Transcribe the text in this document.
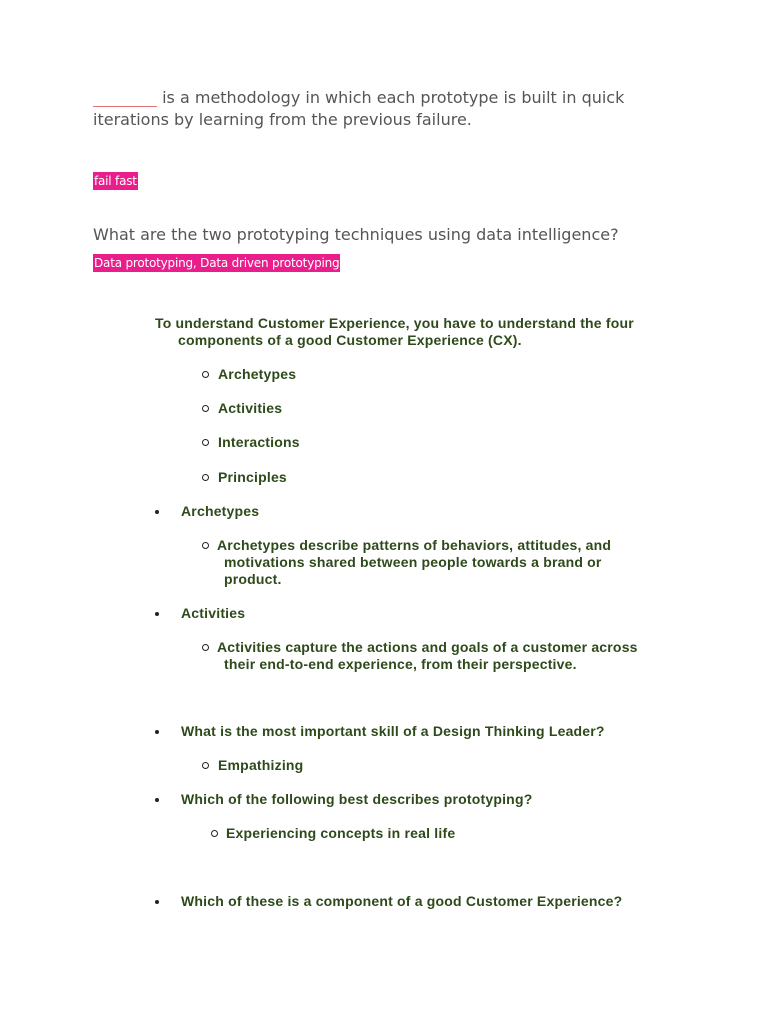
is a methodology in which each prototype is built in quick iterations by learning from the previous failure.

fail fast

What are the two prototyping techniques using data intelligence?

Data prototyping, Data driven prototyping

To understand Customer Experience, you have to understand the four

components of a good Customer Experience (CX).

Archetypes

Activities

Interactions

Principles

Archetypes

Archetypes describe patterns of behaviors, attitudes, and

motivations shared between people towards a brand or

product.

Activities

Activities capture the actions and goals of a customer across

their end-to-end experience, from their perspective.

What is the most important skill of a Design Thinking Leader?

Empathizing

Which of the following best describes prototyping?

Experiencing concepts in real life

Which of these is a component of a good Customer Experience?
